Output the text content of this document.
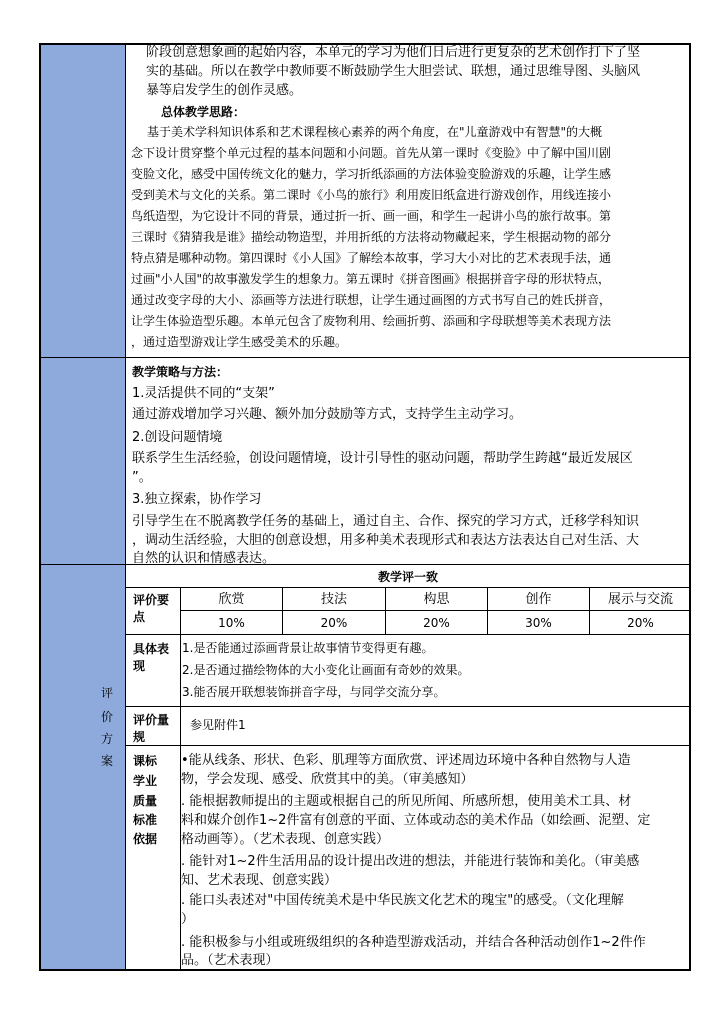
阶段创意想象画的起始内容，本单元的学习为他们日后进行更复杂的艺术创作打下了坚
实的基础。所以在教学中教师要不断鼓励学生大胆尝试、联想，通过思维导图、头脑风
暴等启发学生的创作灵感。
总体教学思路：
基于美术学科知识体系和艺术课程核心素养的两个角度，在"儿童游戏中有智慧"的大概
念下设计贯穿整个单元过程的基本问题和小问题。首先从第一课时《变脸》中了解中国川剧
变脸文化，感受中国传统文化的魅力，学习折纸添画的方法体验变脸游戏的乐趣，让学生感
受到美术与文化的关系。第二课时《小鸟的旅行》利用废旧纸盒进行游戏创作，用线连接小
鸟纸造型，为它设计不同的背景，通过折一折、画一画，和学生一起讲小鸟的旅行故事。第
三课时《猜猜我是谁》描绘动物造型，并用折纸的方法将动物藏起来，学生根据动物的部分
特点猜是哪种动物。第四课时《小人国》了解绘本故事，学习大小对比的艺术表现手法，通
过画"小人国"的故事激发学生的想象力。第五课时《拼音图画》根据拼音字母的形状特点，
通过改变字母的大小、添画等方法进行联想，让学生通过画图的方式书写自己的姓氏拼音，
让学生体验造型乐趣。本单元包含了废物利用、绘画折剪、添画和字母联想等美术表现方法
，通过造型游戏让学生感受美术的乐趣。
教学策略与方法：
1.灵活提供不同的“支架”
通过游戏增加学习兴趣、额外加分鼓励等方式，支持学生主动学习。
2.创设问题情境
联系学生生活经验，创设问题情境，设计引导性的驱动问题，帮助学生跨越“最近发展区
”。
3.独立探索，协作学习
引导学生在不脱离教学任务的基础上，通过自主、合作、探究的学习方式，迁移学科知识
，调动生活经验，大胆的创意设想，用多种美术表现形式和表达方法表达自己对生活、大
自然的认识和情感表达。
评
价
方
案
教学评一致
评价要
点
欣赏	技法	构思	创作	展示与交流
10%	20%	20%	30%	20%
具体表
现
1.是否能通过添画背景让故事情节变得更有趣。
2.是否通过描绘物体的大小变化让画面有奇妙的效果。
3.能否展开联想装饰拼音字母，与同学交流分享。
评价量
规
参见附件1
课标
学业
质量
标准
依据
•能从线条、形状、色彩、肌理等方面欣赏、评述周边环境中各种自然物与人造
物，学会发现、感受、欣赏其中的美。（审美感知）
. 能根据教师提出的主题或根据自己的所见所闻、所感所想，使用美术工具、材
料和媒介创作1~2件富有创意的平面、立体或动态的美术作品（如绘画、泥塑、定
格动画等）。（艺术表现、创意实践）
. 能针对1~2件生活用品的设计提出改进的想法，并能进行装饰和美化。（审美感
知、艺术表现、创意实践）
. 能口头表述对"中国传统美术是中华民族文化艺术的瑰宝"的感受。（文化理解
）
. 能积极参与小组或班级组织的各种造型游戏活动，并结合各种活动创作1~2件作
品。（艺术表现）
